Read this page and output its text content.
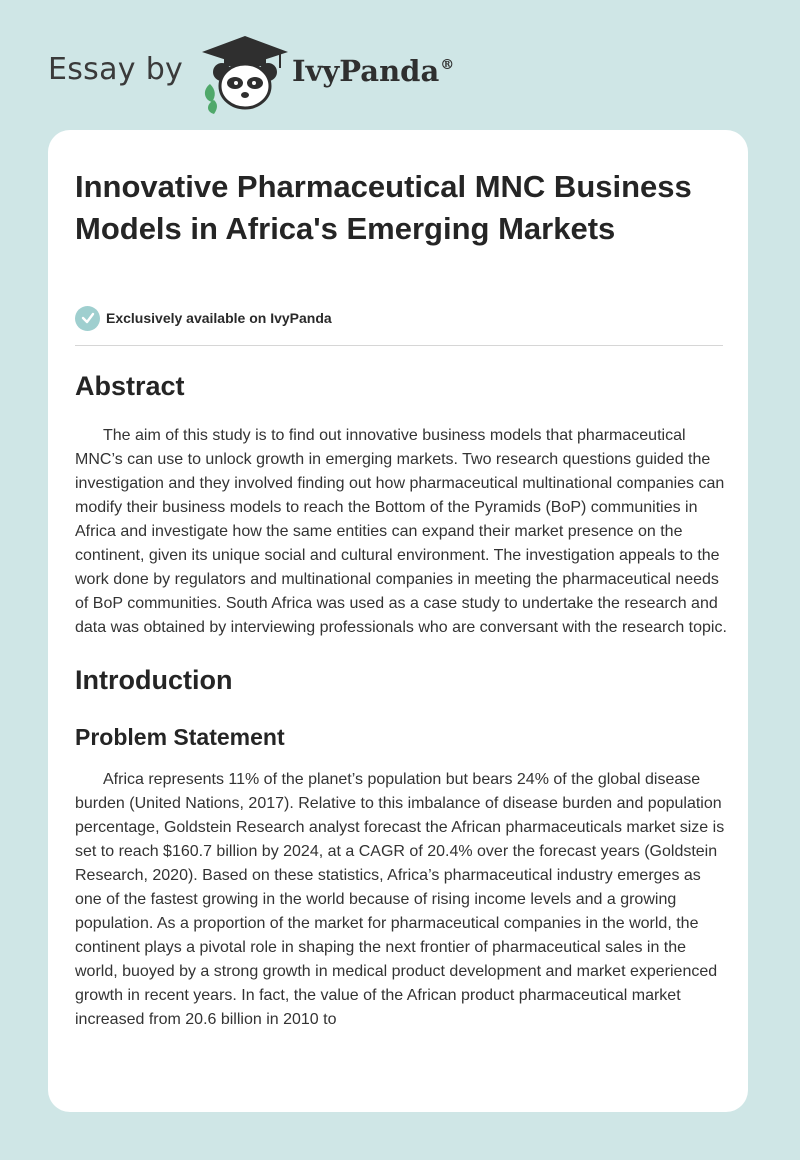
Essay by	IvyPanda®
Innovative Pharmaceutical MNC Business Models in Africa's Emerging Markets
Exclusively available on IvyPanda
Abstract

The aim of this study is to find out innovative business models that pharmaceutical MNC’s can use to unlock growth in emerging markets. Two research questions guided the investigation and they involved finding out how pharmaceutical multinational companies can modify their business models to reach the Bottom of the Pyramids (BoP) communities in Africa and investigate how the same entities can expand their market presence on the continent, given its unique social and cultural environment. The investigation appeals to the work done by regulators and multinational companies in meeting the pharmaceutical needs of BoP communities. South Africa was used as a case study to undertake the research and data was obtained by interviewing professionals who are conversant with the research topic.

Introduction
Problem Statement

Africa represents 11% of the planet’s population but bears 24% of the global disease burden (United Nations, 2017). Relative to this imbalance of disease burden and population percentage, Goldstein Research analyst forecast the African pharmaceuticals market size is set to reach $160.7 billion by 2024, at a CAGR of 20.4% over the forecast years (Goldstein Research, 2020). Based on these statistics, Africa’s pharmaceutical industry emerges as one of the fastest growing in the world because of rising income levels and a growing population. As a proportion of the market for pharmaceutical companies in the world, the continent plays a pivotal role in shaping the next frontier of pharmaceutical sales in the world, buoyed by a strong growth in medical product development and market experienced growth in recent years. In fact, the value of the African product pharmaceutical market increased from 20.6 billion in 2010 to
